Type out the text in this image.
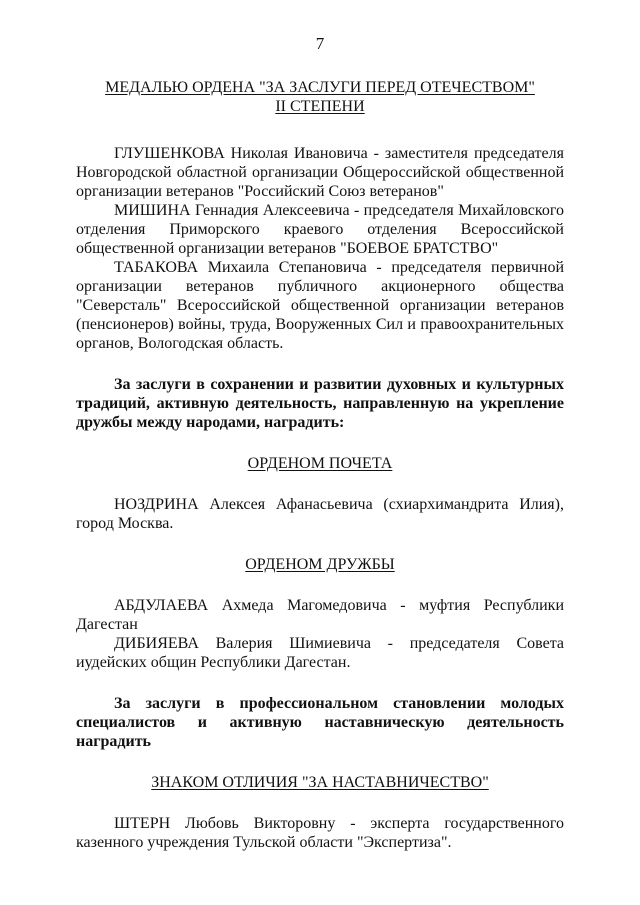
7
МЕДАЛЬЮ ОРДЕНА "ЗА ЗАСЛУГИ ПЕРЕД ОТЕЧЕСТВОМ"
II СТЕПЕНИ

ГЛУШЕНКОВА Николая Ивановича - заместителя председателя Новгородской областной организации Общероссийской общественной организации ветеранов "Российский Союз ветеранов"

МИШИНА Геннадия Алексеевича - председателя Михайловского отделения Приморского краевого отделения Всероссийской общественной организации ветеранов "БОЕВОЕ БРАТСТВО"

ТАБАКОВА Михаила Степановича - председателя первичной организации ветеранов публичного акционерного общества "Северсталь" Всероссийской общественной организации ветеранов (пенсионеров) войны, труда, Вооруженных Сил и правоохранительных органов, Вологодская область.

За заслуги в сохранении и развитии духовных и культурных традиций, активную деятельность, направленную на укрепление дружбы между народами, наградить:

ОРДЕНОМ ПОЧЕТА

НОЗДРИНА Алексея Афанасьевича (схиархимандрита Илия), город Москва.

ОРДЕНОМ ДРУЖБЫ

АБДУЛАЕВА Ахмеда Магомедовича - муфтия Республики Дагестан

ДИБИЯЕВА Валерия Шимиевича - председателя Совета иудейских общин Республики Дагестан.

За заслуги в профессиональном становлении молодых специалистов и активную наставническую деятельность наградить

ЗНАКОМ ОТЛИЧИЯ "ЗА НАСТАВНИЧЕСТВО"

ШТЕРН Любовь Викторовну - эксперта государственного казенного учреждения Тульской области "Экспертиза".
